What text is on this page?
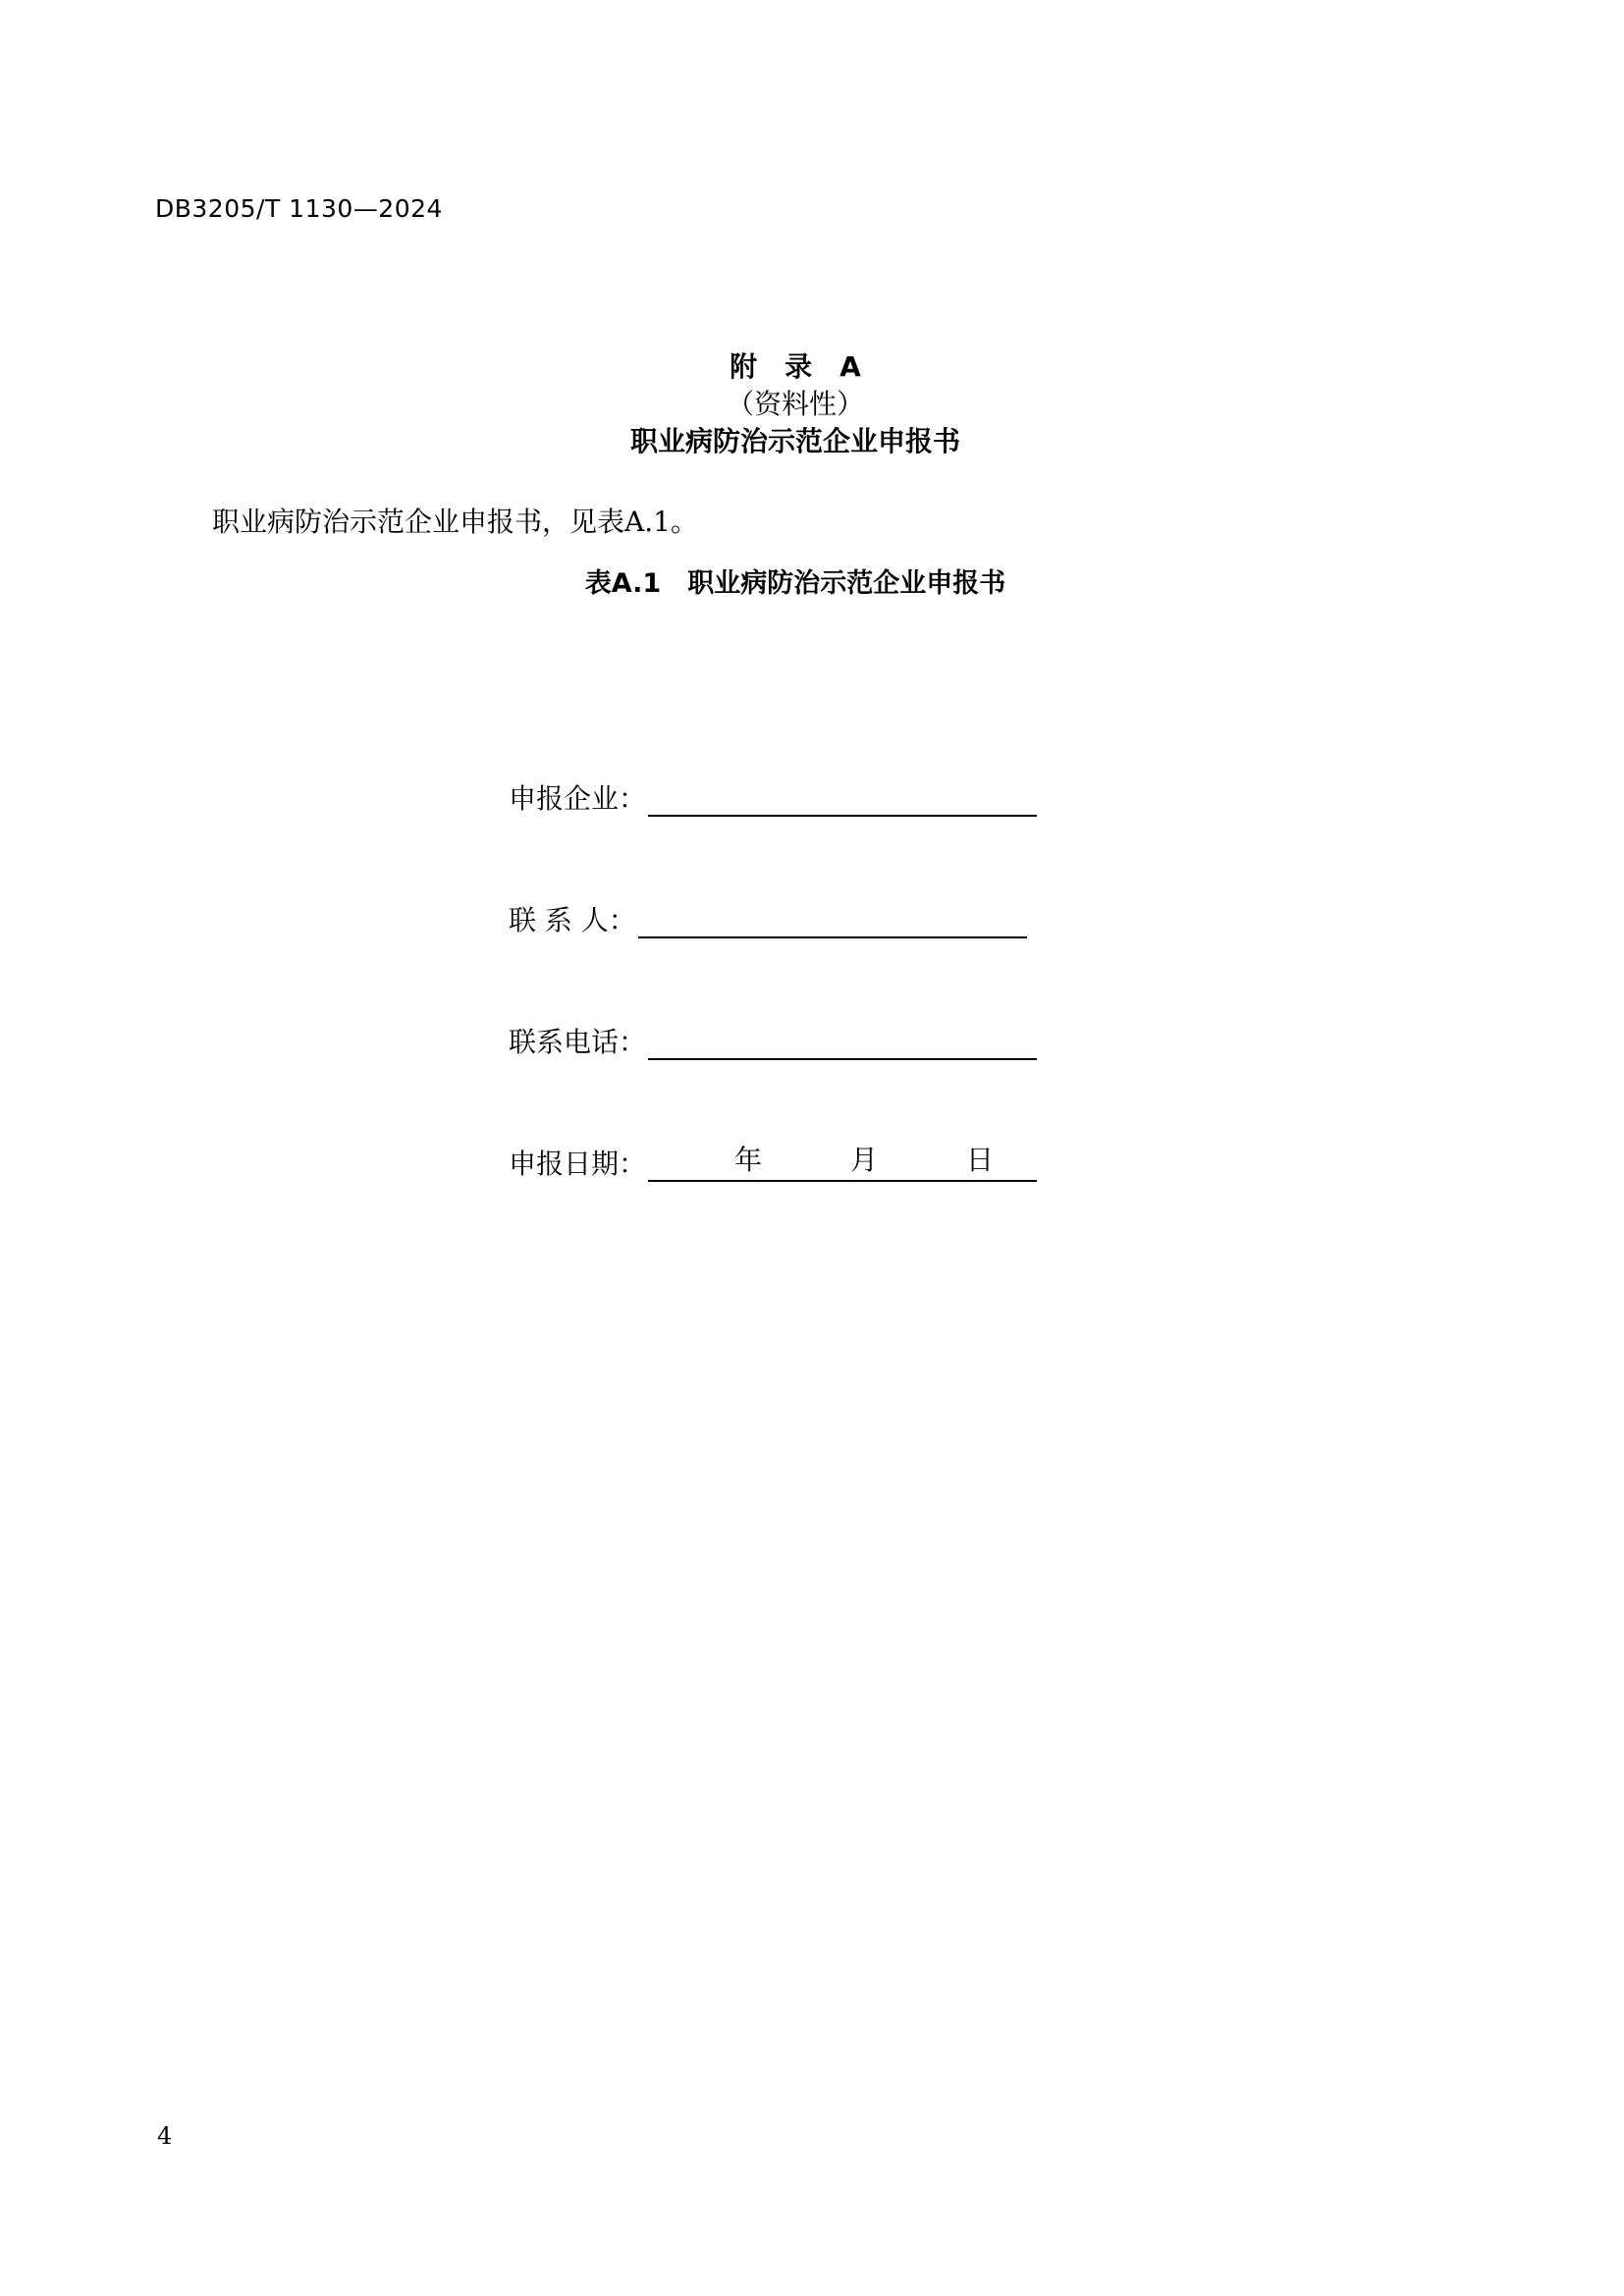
DB3205/T 1130—2024
附　录　A
（资料性）
职业病防治示范企业申报书
职业病防治示范企业申报书，见表A.1。
表A.1　职业病防治示范企业申报书
申报企业：
联 系 人：
联系电话：
申报日期：	年	月	日
4
